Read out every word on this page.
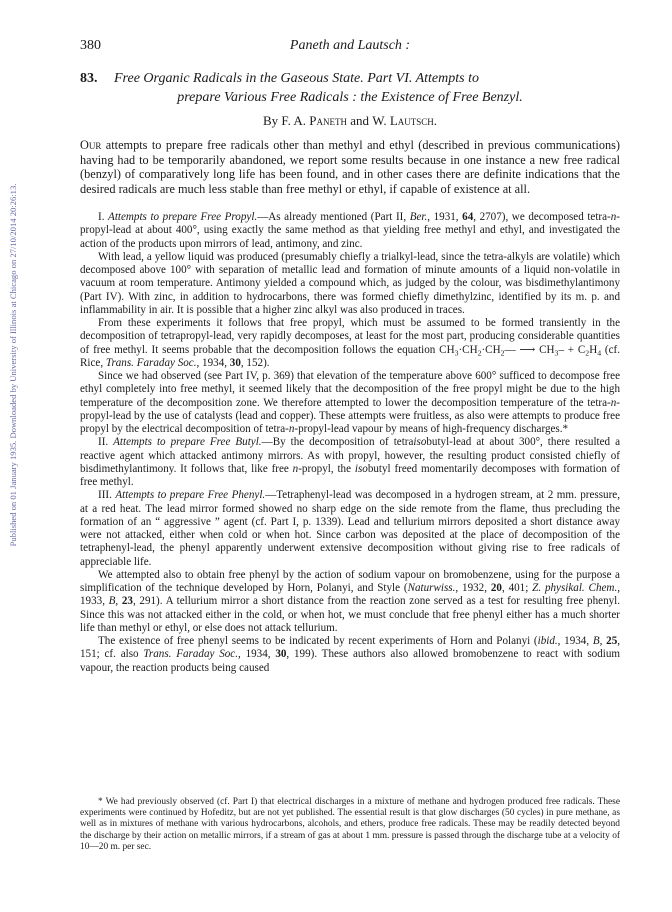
Published on 01 January 1935. Downloaded by University of Illinois at Chicago on 27/10/2014 20:26:13.
380	Paneth and Lautsch :
83. Free Organic Radicals in the Gaseous State. Part VI. Attempts to
prepare Various Free Radicals : the Existence of Free Benzyl.
By F. A. Paneth and W. Lautsch.

Our attempts to prepare free radicals other than methyl and ethyl (described in previous communications) having had to be temporarily abandoned, we report some results because in one instance a new free radical (benzyl) of comparatively long life has been found, and in other cases there are definite indications that the desired radicals are much less stable than free methyl or ethyl, if capable of existence at all.

I. Attempts to prepare Free Propyl.—As already mentioned (Part II, Ber., 1931, 64, 2707), we decomposed tetra-n-propyl-lead at about 400°, using exactly the same method as that yielding free methyl and ethyl, and investigated the action of the products upon mirrors of lead, antimony, and zinc.

With lead, a yellow liquid was produced (presumably chiefly a trialkyl-lead, since the tetra-alkyls are volatile) which decomposed above 100° with separation of metallic lead and formation of minute amounts of a liquid non-volatile in vacuum at room temperature. Antimony yielded a compound which, as judged by the colour, was bisdimethylantimony (Part IV). With zinc, in addition to hydrocarbons, there was formed chiefly dimethylzinc, identified by its m. p. and inflammability in air. It is possible that a higher zinc alkyl was also produced in traces.

From these experiments it follows that free propyl, which must be assumed to be formed transiently in the decomposition of tetrapropyl-lead, very rapidly decomposes, at least for the most part, producing considerable quantities of free methyl. It seems probable that the decomposition follows the equation $CH_3\cdot CH_2\cdot CH_2—$ ⟶ $CH_3- + C_2H_4$ (cf. Rice, Trans. Faraday Soc., 1934, 30, 152).

Since we had observed (see Part IV, p. 369) that elevation of the temperature above 600° sufficed to decompose free ethyl completely into free methyl, it seemed likely that the decomposition of the free propyl might be due to the high temperature of the decomposition zone. We therefore attempted to lower the decomposition temperature of the tetra-n-propyl-lead by the use of catalysts (lead and copper). These attempts were fruitless, as also were attempts to produce free propyl by the electrical decomposition of tetra-n-propyl-lead vapour by means of high-frequency discharges.*

II. Attempts to prepare Free Butyl.—By the decomposition of tetraisobutyl-lead at about 300°, there resulted a reactive agent which attacked antimony mirrors. As with propyl, however, the resulting product consisted chiefly of bisdimethylantimony. It follows that, like free n-propyl, the isobutyl freed momentarily decomposes with formation of free methyl.

III. Attempts to prepare Free Phenyl.—Tetraphenyl-lead was decomposed in a hydrogen stream, at 2 mm. pressure, at a red heat. The lead mirror formed showed no sharp edge on the side remote from the flame, thus precluding the formation of an “ aggressive ” agent (cf. Part I, p. 1339). Lead and tellurium mirrors deposited a short distance away were not attacked, either when cold or when hot. Since carbon was deposited at the place of decomposition of the tetraphenyl-lead, the phenyl apparently underwent extensive decomposition without giving rise to free radicals of appreciable life.

We attempted also to obtain free phenyl by the action of sodium vapour on bromobenzene, using for the purpose a simplification of the technique developed by Horn, Polanyi, and Style (Naturwiss., 1932, 20, 401; Z. physikal. Chem., 1933, B, 23, 291). A tellurium mirror a short distance from the reaction zone served as a test for resulting free phenyl. Since this was not attacked either in the cold, or when hot, we must conclude that free phenyl either has a much shorter life than methyl or ethyl, or else does not attack tellurium.

The existence of free phenyl seems to be indicated by recent experiments of Horn and Polanyi (ibid., 1934, B, 25, 151; cf. also Trans. Faraday Soc., 1934, 30, 199). These authors also allowed bromobenzene to react with sodium vapour, the reaction products being caused

* We had previously observed (cf. Part I) that electrical discharges in a mixture of methane and hydrogen produced free radicals. These experiments were continued by Hofeditz, but are not yet published. The essential result is that glow discharges (50 cycles) in pure methane, as well as in mixtures of methane with various hydrocarbons, alcohols, and ethers, produce free radicals. These may be readily detected beyond the discharge by their action on metallic mirrors, if a stream of gas at about 1 mm. pressure is passed through the discharge tube at a velocity of 10—20 m. per sec.
